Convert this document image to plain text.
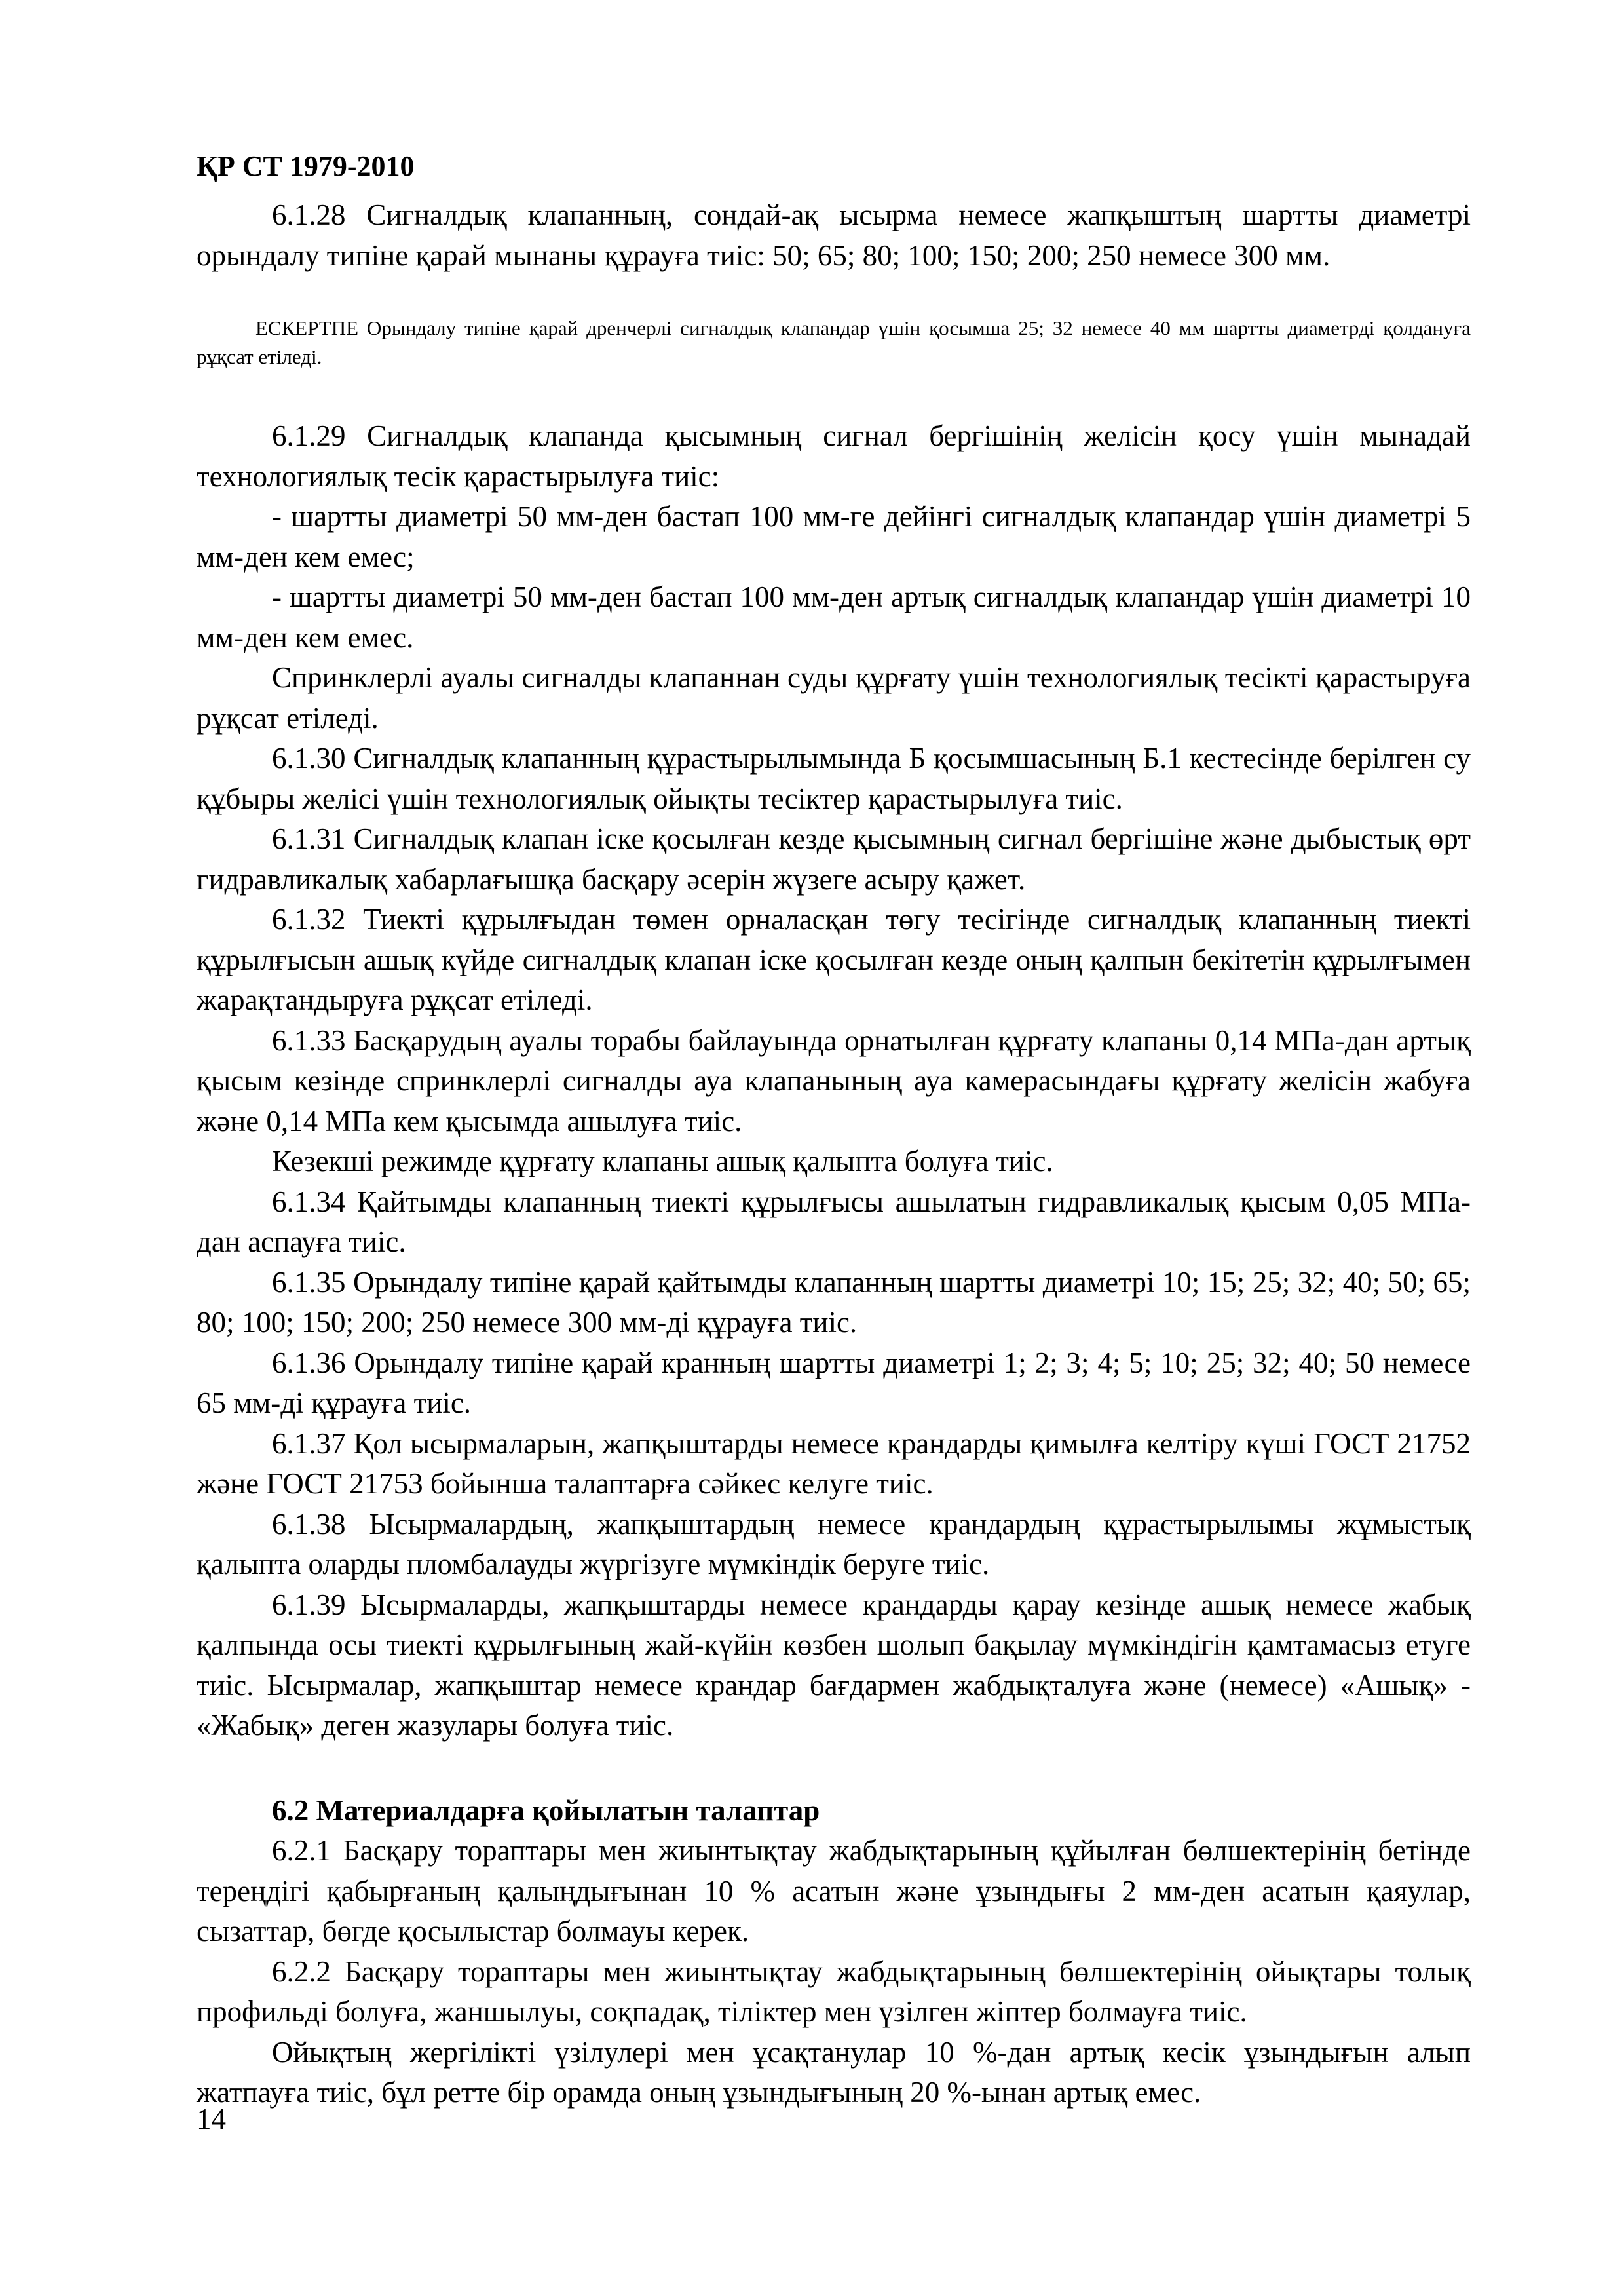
ҚР СТ 1979-2010

6.1.28 Сигналдық клапанның, сондай-ақ ысырма немесе жапқыштың шартты диаметрі орындалу типіне қарай мынаны құрауға тиіс: 50; 65; 80; 100; 150; 200; 250 немесе 300 мм.

ЕСКЕРТПЕ Орындалу типіне қарай дренчерлі сигналдық клапандар үшін қосымша 25; 32 немесе 40 мм шартты диаметрді қолдануға рұқсат етіледі.

6.1.29 Сигналдық клапанда қысымның сигнал бергішінің желісін қосу үшін мынадай технологиялық тесік қарастырылуға тиіс:

- шартты диаметрі 50 мм-ден бастап 100 мм-ге дейінгі сигналдық клапандар үшін диаметрі 5 мм-ден кем емес;

- шартты диаметрі 50 мм-ден бастап 100 мм-ден артық сигналдық клапандар үшін диаметрі 10 мм-ден кем емес.

Спринклерлі ауалы сигналды клапаннан суды құрғату үшін технологиялық тесікті қарастыруға рұқсат етіледі.

6.1.30 Сигналдық клапанның құрастырылымында Б қосымшасының Б.1 кестесінде берілген су құбыры желісі үшін технологиялық ойықты тесіктер қарастырылуға тиіс.

6.1.31 Сигналдық клапан іске қосылған кезде қысымның сигнал бергішіне және дыбыстық өрт гидравликалық хабарлағышқа басқару әсерін жүзеге асыру қажет.

6.1.32 Тиекті құрылғыдан төмен орналасқан төгу тесігінде сигналдық клапанның тиекті құрылғысын ашық күйде сигналдық клапан іске қосылған кезде оның қалпын бекітетін құрылғымен жарақтандыруға рұқсат етіледі.

6.1.33 Басқарудың ауалы торабы байлауында орнатылған құрғату клапаны 0,14 МПа-дан артық қысым кезінде спринклерлі сигналды ауа клапанының ауа камерасындағы құрғату желісін жабуға және 0,14 МПа кем қысымда ашылуға тиіс.

Кезекші режимде құрғату клапаны ашық қалыпта болуға тиіс.

6.1.34 Қайтымды клапанның тиекті құрылғысы ашылатын гидравликалық қысым 0,05 МПа-дан аспауға тиіс.

6.1.35 Орындалу типіне қарай қайтымды клапанның шартты диаметрі 10; 15; 25; 32; 40; 50; 65; 80; 100; 150; 200; 250 немесе 300 мм-ді құрауға тиіс.

6.1.36 Орындалу типіне қарай кранның шартты диаметрі 1; 2; 3; 4; 5; 10; 25; 32; 40; 50 немесе 65 мм-ді құрауға тиіс.

6.1.37 Қол ысырмаларын, жапқыштарды немесе крандарды қимылға келтіру күші ГОСТ 21752 және ГОСТ 21753 бойынша талаптарға сәйкес келуге тиіс.

6.1.38 Ысырмалардың, жапқыштардың немесе крандардың құрастырылымы жұмыстық қалыпта оларды пломбалауды жүргізуге мүмкіндік беруге тиіс.

6.1.39 Ысырмаларды, жапқыштарды немесе крандарды қарау кезінде ашық немесе жабық қалпында осы тиекті құрылғының жай-күйін көзбен шолып бақылау мүмкіндігін қамтамасыз етуге тиіс. Ысырмалар, жапқыштар немесе крандар бағдармен жабдықталуға және (немесе) «Ашық» - «Жабық» деген жазулары болуға тиіс.

6.2 Материалдарға қойылатын талаптар

6.2.1 Басқару тораптары мен жиынтықтау жабдықтарының құйылған бөлшектерінің бетінде тереңдігі қабырғаның қалыңдығынан 10 % асатын және ұзындығы 2 мм-ден асатын қаяулар, сызаттар, бөгде қосылыстар болмауы керек.

6.2.2 Басқару тораптары мен жиынтықтау жабдықтарының бөлшектерінің ойықтары толық профильді болуға, жаншылуы, соқпадақ, тіліктер мен үзілген жіптер болмауға тиіс.

Ойықтың жергілікті үзілулері мен ұсақтанулар 10 %-дан артық кесік ұзындығын алып жатпауға тиіс, бұл ретте бір орамда оның ұзындығының 20 %-ынан артық емес.

14
